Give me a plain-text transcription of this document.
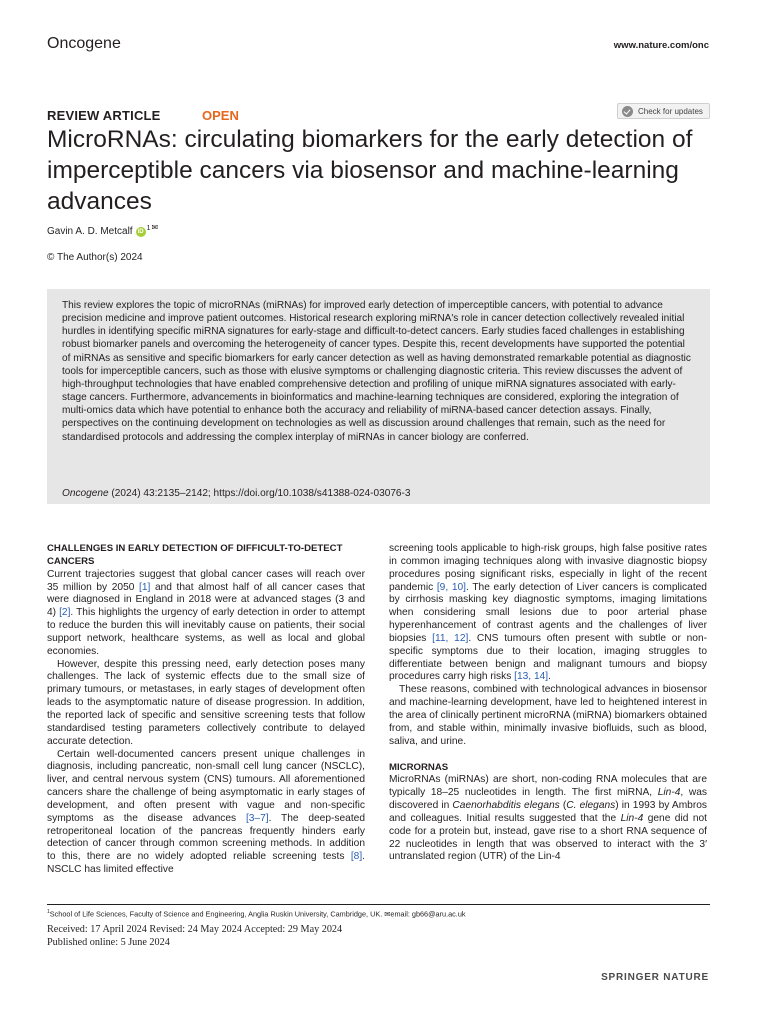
Oncogene	www.nature.com/onc
REVIEW ARTICLE	OPEN	Check for updates
MicroRNAs: circulating biomarkers for the early detection of imperceptible cancers via biosensor and machine-learning advances
Gavin A. D. Metcalf iD 1 ✉
© The Author(s) 2024

This review explores the topic of microRNAs (miRNAs) for improved early detection of imperceptible cancers, with potential to advance precision medicine and improve patient outcomes. Historical research exploring miRNA's role in cancer detection collectively revealed initial hurdles in identifying specific miRNA signatures for early-stage and difficult-to-detect cancers. Early studies faced challenges in establishing robust biomarker panels and overcoming the heterogeneity of cancer types. Despite this, recent developments have supported the potential of miRNAs as sensitive and specific biomarkers for early cancer detection as well as having demonstrated remarkable potential as diagnostic tools for imperceptible cancers, such as those with elusive symptoms or challenging diagnostic criteria. This review discusses the advent of high-throughput technologies that have enabled comprehensive detection and profiling of unique miRNA signatures associated with early-stage cancers. Furthermore, advancements in bioinformatics and machine-learning techniques are considered, exploring the integration of multi-omics data which have potential to enhance both the accuracy and reliability of miRNA-based cancer detection assays. Finally, perspectives on the continuing development on technologies as well as discussion around challenges that remain, such as the need for standardised protocols and addressing the complex interplay of miRNAs in cancer biology are conferred.

Oncogene (2024) 43:2135–2142; https://doi.org/10.1038/s41388-024-03076-3
CHALLENGES IN EARLY DETECTION OF DIFFICULT-TO-DETECT CANCERS

Current trajectories suggest that global cancer cases will reach over 35 million by 2050 [1] and that almost half of all cancer cases that were diagnosed in England in 2018 were at advanced stages (3 and 4) [2]. This highlights the urgency of early detection in order to attempt to reduce the burden this will inevitably cause on patients, their social support network, healthcare systems, as well as local and global economies.

However, despite this pressing need, early detection poses many challenges. The lack of systemic effects due to the small size of primary tumours, or metastases, in early stages of development often leads to the asymptomatic nature of disease progression. In addition, the reported lack of specific and sensitive screening tests that follow standardised testing parameters collectively contribute to delayed accurate detection.

Certain well-documented cancers present unique challenges in diagnosis, including pancreatic, non-small cell lung cancer (NSCLC), liver, and central nervous system (CNS) tumours. All aforementioned cancers share the challenge of being asymptomatic in early stages of development, and often present with vague and non-specific symptoms as the disease advances [3–7]. The deep-seated retroperitoneal location of the pancreas frequently hinders early detection of cancer through common screening methods. In addition to this, there are no widely adopted reliable screening tests [8]. NSCLC has limited effective

screening tools applicable to high-risk groups, high false positive rates in common imaging techniques along with invasive diagnostic biopsy procedures posing significant risks, especially in light of the recent pandemic [9, 10]. The early detection of Liver cancers is complicated by cirrhosis masking key diagnostic symptoms, imaging limitations when considering small lesions due to poor arterial phase hyperenhancement of contrast agents and the challenges of liver biopsies [11, 12]. CNS tumours often present with subtle or non-specific symptoms due to their location, imaging struggles to differentiate between benign and malignant tumours and biopsy procedures carry high risks [13, 14].

These reasons, combined with technological advances in biosensor and machine-learning development, have led to heightened interest in the area of clinically pertinent microRNA (miRNA) biomarkers obtained from, and stable within, minimally invasive biofluids, such as blood, saliva, and urine.

MICRORNAS

MicroRNAs (miRNAs) are short, non-coding RNA molecules that are typically 18–25 nucleotides in length. The first miRNA, Lin-4, was discovered in Caenorhabditis elegans (C. elegans) in 1993 by Ambros and colleagues. Initial results suggested that the Lin-4 gene did not code for a protein but, instead, gave rise to a short RNA sequence of 22 nucleotides in length that was observed to interact with the 3′ untranslated region (UTR) of the Lin-4

$^1$School of Life Sciences, Faculty of Science and Engineering, Anglia Ruskin University, Cambridge, UK. ✉email: gb66@aru.ac.uk
Received: 17 April 2024 Revised: 24 May 2024 Accepted: 29 May 2024
Published online: 5 June 2024
SPRINGER NATURE
